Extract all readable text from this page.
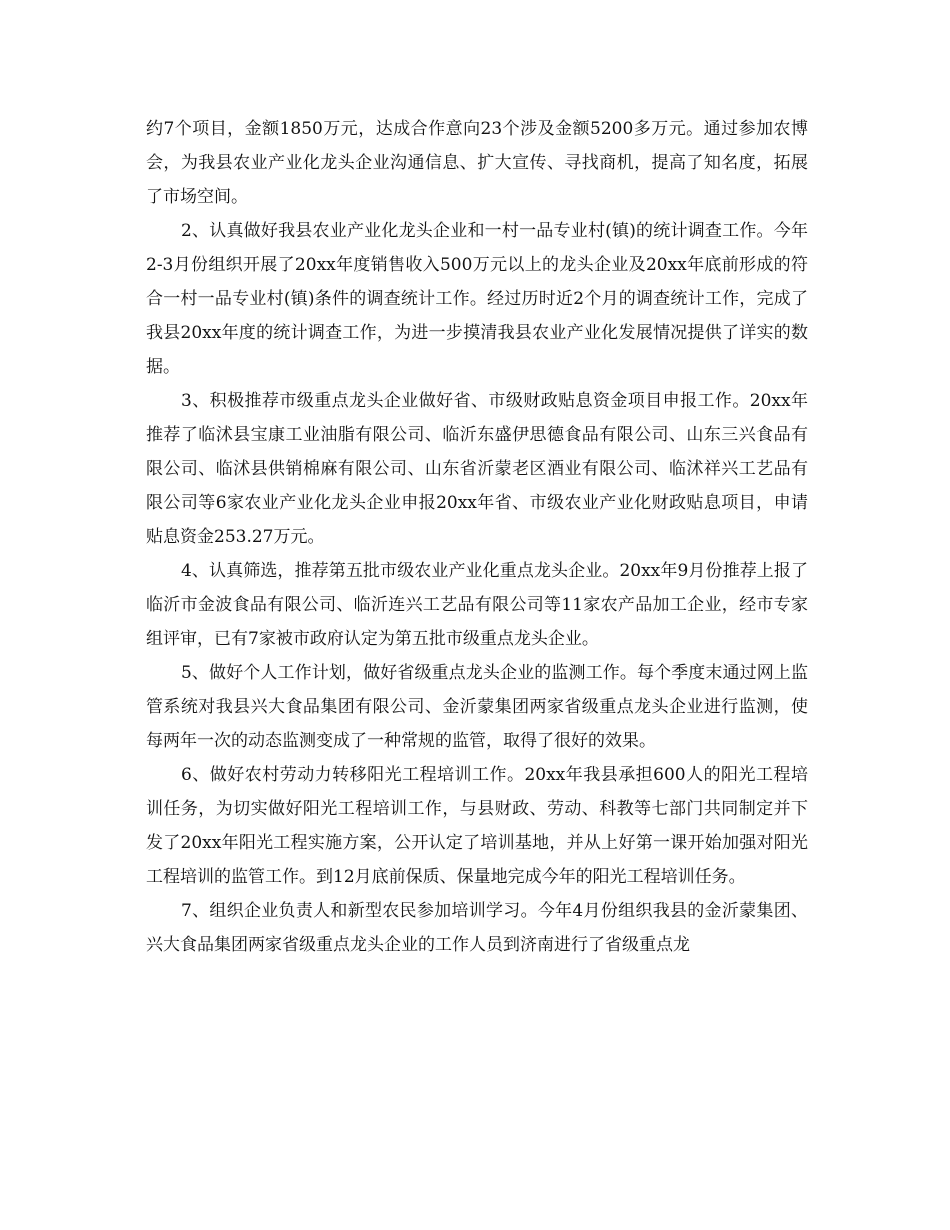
约7个项目，金额1850万元，达成合作意向23个涉及金额5200多万元。通过参加农博会，为我县农业产业化龙头企业沟通信息、扩大宣传、寻找商机，提高了知名度，拓展了市场空间。

2、认真做好我县农业产业化龙头企业和一村一品专业村(镇)的统计调查工作。今年2-3月份组织开展了20xx年度销售收入500万元以上的龙头企业及20xx年底前形成的符合一村一品专业村(镇)条件的调查统计工作。经过历时近2个月的调查统计工作，完成了我县20xx年度的统计调查工作，为进一步摸清我县农业产业化发展情况提供了详实的数据。

3、积极推荐市级重点龙头企业做好省、市级财政贴息资金项目申报工作。20xx年推荐了临沭县宝康工业油脂有限公司、临沂东盛伊思德食品有限公司、山东三兴食品有限公司、临沭县供销棉麻有限公司、山东省沂蒙老区酒业有限公司、临沭祥兴工艺品有限公司等6家农业产业化龙头企业申报20xx年省、市级农业产业化财政贴息项目，申请贴息资金253.27万元。

4、认真筛选，推荐第五批市级农业产业化重点龙头企业。20xx年9月份推荐上报了临沂市金波食品有限公司、临沂连兴工艺品有限公司等11家农产品加工企业，经市专家组评审，已有7家被市政府认定为第五批市级重点龙头企业。

5、做好个人工作计划，做好省级重点龙头企业的监测工作。每个季度末通过网上监管系统对我县兴大食品集团有限公司、金沂蒙集团两家省级重点龙头企业进行监测，使每两年一次的动态监测变成了一种常规的监管，取得了很好的效果。

6、做好农村劳动力转移阳光工程培训工作。20xx年我县承担600人的阳光工程培训任务，为切实做好阳光工程培训工作，与县财政、劳动、科教等七部门共同制定并下发了20xx年阳光工程实施方案，公开认定了培训基地，并从上好第一课开始加强对阳光工程培训的监管工作。到12月底前保质、保量地完成今年的阳光工程培训任务。

7、组织企业负责人和新型农民参加培训学习。今年4月份组织我县的金沂蒙集团、兴大食品集团两家省级重点龙头企业的工作人员到济南进行了省级重点龙
